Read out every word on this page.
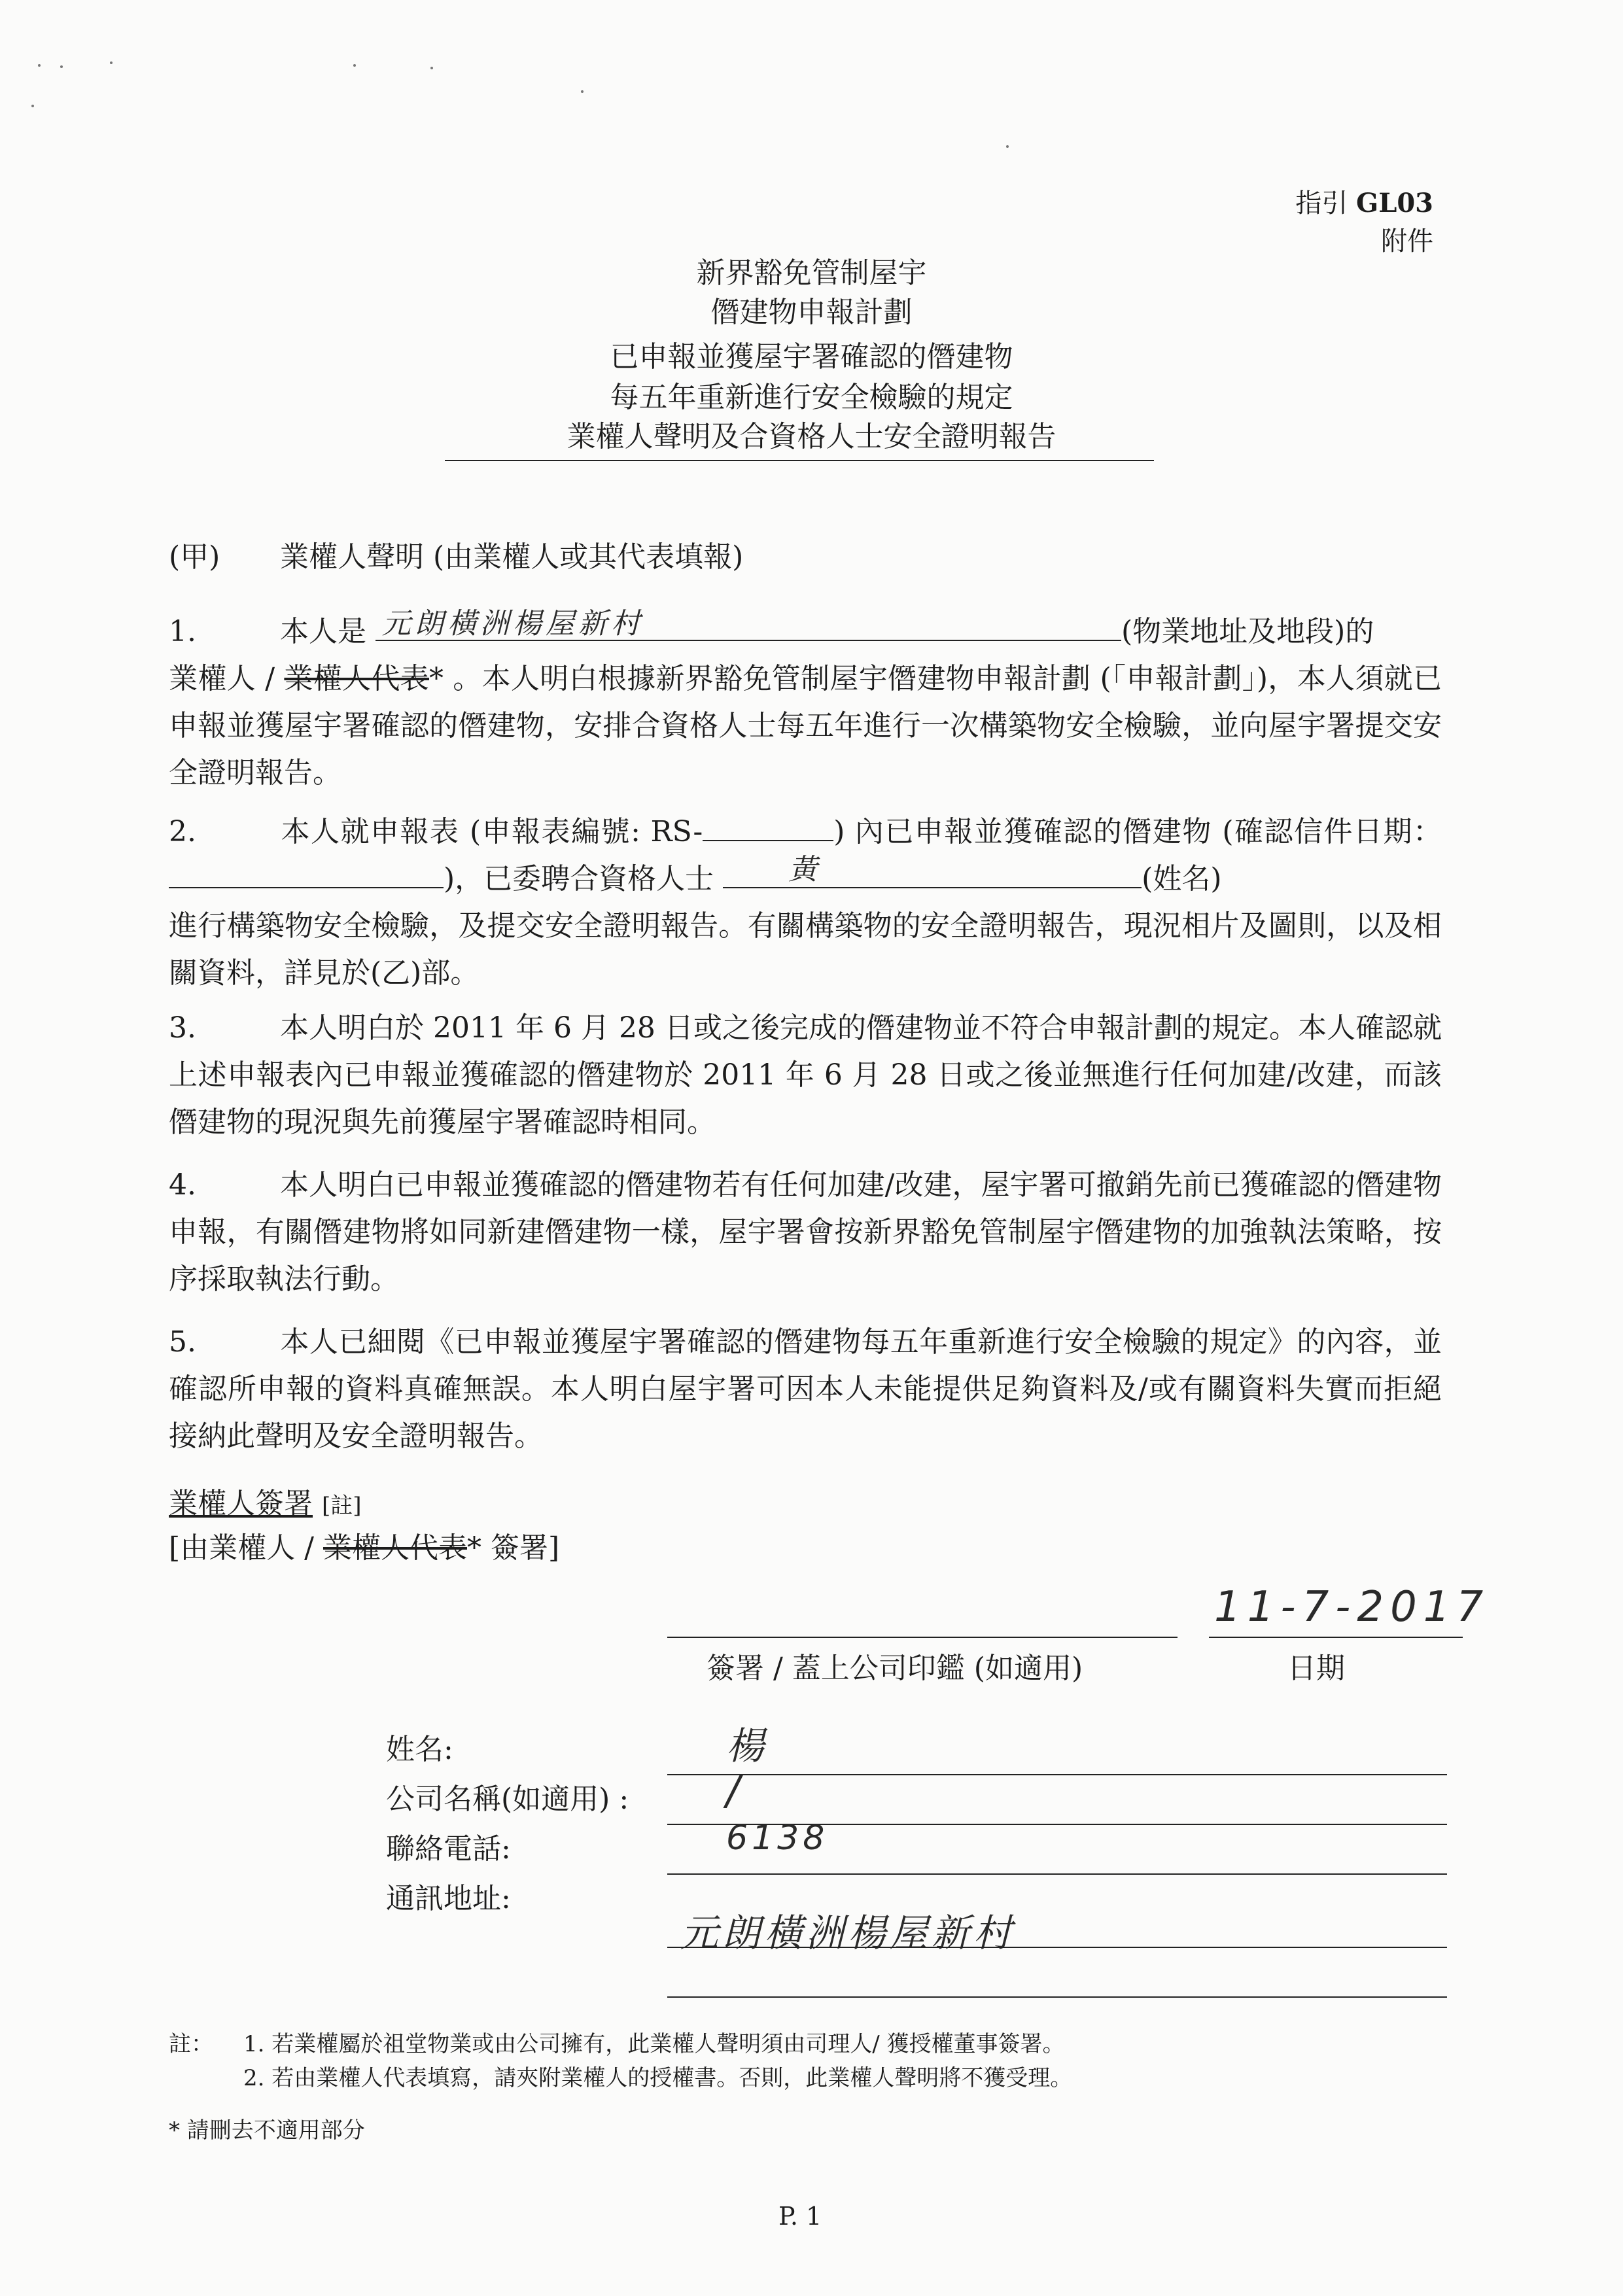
指引 GL03
附件
新界豁免管制屋宇
僭建物申報計劃
已申報並獲屋宇署確認的僭建物
每五年重新進行安全檢驗的規定
業權人聲明及合資格人士安全證明報告
(甲) 業權人聲明 (由業權人或其代表填報)
1.	本人是 元朗橫洲楊屋新村	(物業地址及地段)的
業權人 / 業權人代表* 。本人明白根據新界豁免管制屋宇僭建物申報計劃 (「申報計劃」)，本人須就已申報並獲屋宇署確認的僭建物，安排合資格人士每五年進行一次構築物安全檢驗，並向屋宇署提交安全證明報告。
2.	本人就申報表 (申報表編號: RS-	) 內已申報並獲確認的僭建物 (確認信件日期： )，已委聘合資格人士	黃	(姓名)
進行構築物安全檢驗，及提交安全證明報告。有關構築物的安全證明報告，現況相片及圖則，以及相關資料，詳見於(乙)部。
3.	本人明白於 2011 年 6 月 28 日或之後完成的僭建物並不符合申報計劃的規定。本人確認就上述申報表內已申報並獲確認的僭建物於 2011 年 6 月 28 日或之後並無進行任何加建/改建，而該僭建物的現況與先前獲屋宇署確認時相同。
4.	本人明白已申報並獲確認的僭建物若有任何加建/改建，屋宇署可撤銷先前已獲確認的僭建物申報，有關僭建物將如同新建僭建物一樣，屋宇署會按新界豁免管制屋宇僭建物的加強執法策略，按序採取執法行動。
5.	本人已細閱《已申報並獲屋宇署確認的僭建物每五年重新進行安全檢驗的規定》的內容，並確認所申報的資料真確無誤。本人明白屋宇署可因本人未能提供足夠資料及/或有關資料失實而拒絕接納此聲明及安全證明報告。
業權人簽署 [註]
[由業權人 / 業權人代表* 簽署]
11-7-2017
簽署 / 蓋上公司印鑑 (如適用)	日期
姓名:	楊
公司名稱(如適用) : /
聯絡電話:	6138
通訊地址:
元朗橫洲楊屋新村
註： 1. 若業權屬於祖堂物業或由公司擁有，此業權人聲明須由司理人/ 獲授權董事簽署。
2. 若由業權人代表填寫，請夾附業權人的授權書。否則，此業權人聲明將不獲受理。
* 請刪去不適用部分
P. 1
